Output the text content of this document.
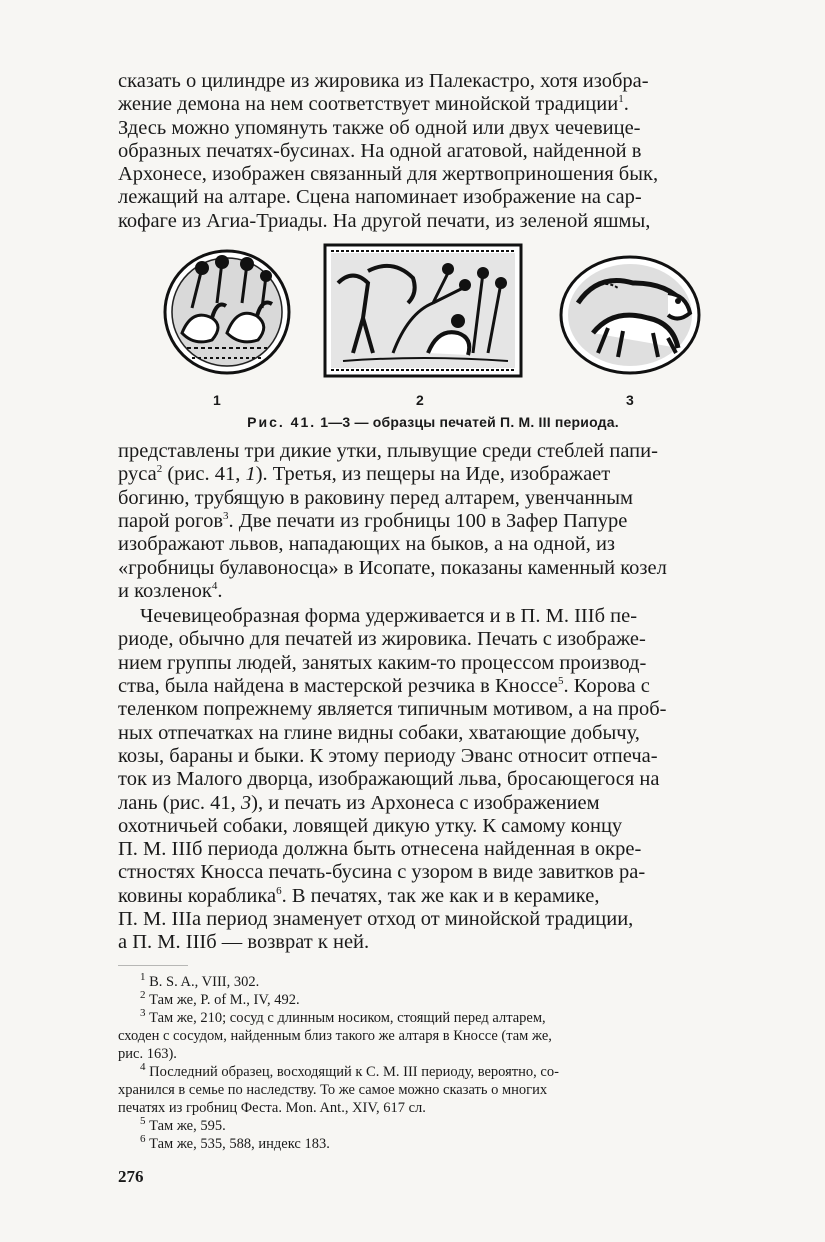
сказать о цилиндре из жировика из Палекастро, хотя изобра-
жение демона на нем соответствует минойской традиции$^1$.
Здесь можно упомянуть также об одной или двух чечевице-
образных печатях-бусинах. На одной агатовой, найденной в
Архонесе, изображен связанный для жертвоприношения бык,
лежащий на алтаре. Сцена напоминает изображение на сар-
кофаге из Агиа-Триады. На другой печати, из зеленой яшмы,
1	2	3

Рис. 41. 1—3 — образцы печатей П. М. III периода.

представлены три дикие утки, плывущие среди стеблей папи-
руса$^2$ (рис. 41, 1). Третья, из пещеры на Иде, изображает
богиню, трубящую в раковину перед алтарем, увенчанным
парой рогов$^3$. Две печати из гробницы 100 в Зафер Папуре
изображают львов, нападающих на быков, а на одной, из
«гробницы булавоносца» в Исопате, показаны каменный козел
и козленок$^4$.
Чечевицеобразная форма удерживается и в П. М. IIIб пе-
риоде, обычно для печатей из жировика. Печать с изображе-
нием группы людей, занятых каким-то процессом производ-
ства, была найдена в мастерской резчика в Кноссе$^5$. Корова с
теленком попрежнему является типичным мотивом, а на проб-
ных отпечатках на глине видны собаки, хватающие добычу,
козы, бараны и быки. К этому периоду Эванс относит отпеча-
ток из Малого дворца, изображающий льва, бросающегося на
лань (рис. 41, 3), и печать из Архонеса с изображением
охотничьей собаки, ловящей дикую утку. К самому концу
П. М. IIIб периода должна быть отнесена найденная в окре-
стностях Кносса печать-бусина с узором в виде завитков ра-
ковины кораблика$^6$. В печатях, так же как и в керамике,
П. М. IIIа период знаменует отход от минойской традиции,
а П. М. IIIб — возврат к ней.

$^1$ B. S. A., VIII, 302.

$^2$ Там же, P. of M., IV, 492.

$^3$ Там же, 210; сосуд с длинным носиком, стоящий перед алтарем,

сходен с сосудом, найденным близ такого же алтаря в Кноссе (там же,

рис. 163).

$^4$ Последний образец, восходящий к С. М. III периоду, вероятно, со-

хранился в семье по наследству. То же самое можно сказать о многих

печатях из гробниц Феста. Mon. Ant., XIV, 617 сл.

$^5$ Там же, 595.

$^6$ Там же, 535, 588, индекс 183.

276
